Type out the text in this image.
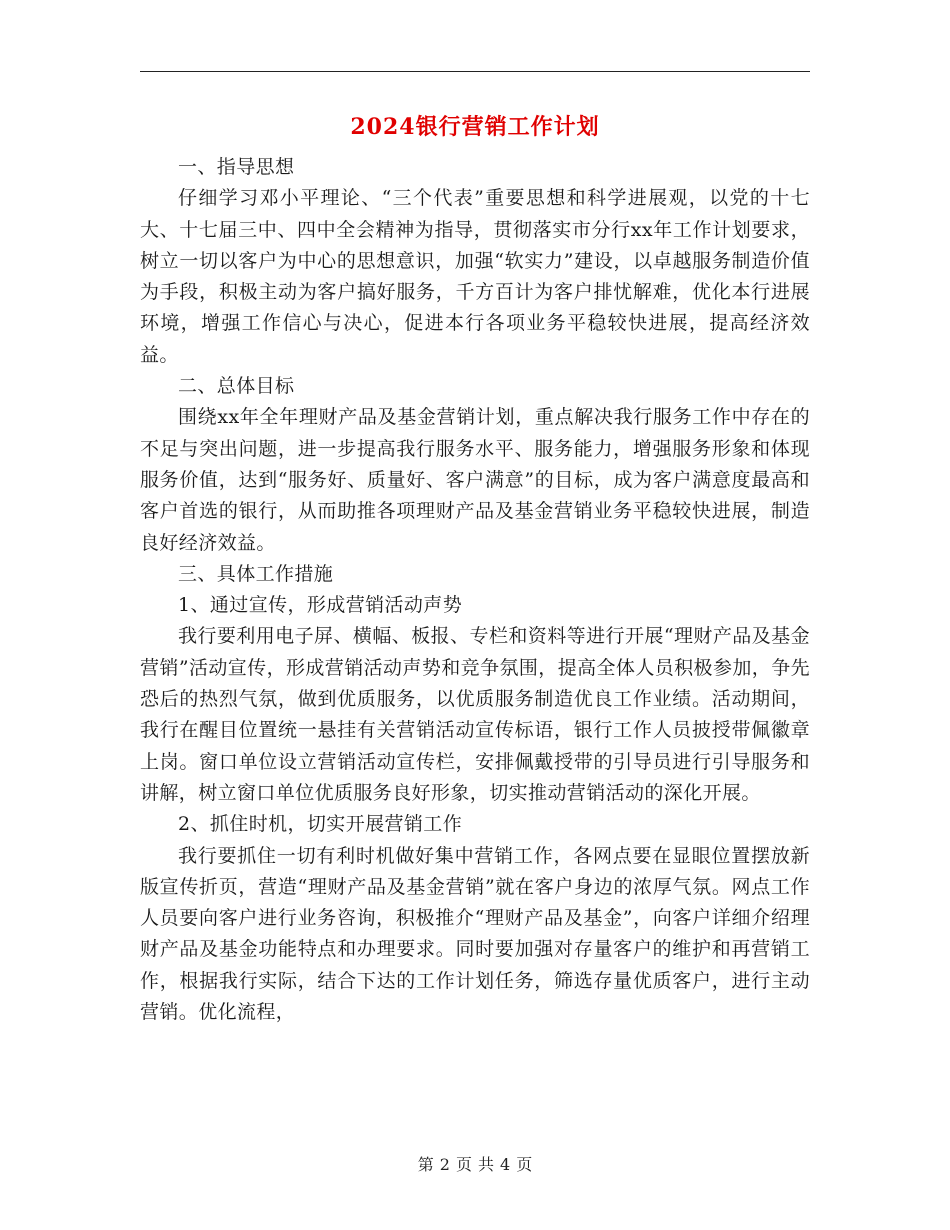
2024银行营销工作计划

一、指导思想

仔细学习邓小平理论、“三个代表”重要思想和科学进展观，以党的十七大、十七届三中、四中全会精神为指导，贯彻落实市分行xx年工作计划要求，树立一切以客户为中心的思想意识，加强“软实力”建设，以卓越服务制造价值为手段，积极主动为客户搞好服务，千方百计为客户排忧解难，优化本行进展环境，增强工作信心与决心，促进本行各项业务平稳较快进展，提高经济效益。

二、总体目标

围绕xx年全年理财产品及基金营销计划，重点解决我行服务工作中存在的不足与突出问题，进一步提高我行服务水平、服务能力，增强服务形象和体现服务价值，达到“服务好、质量好、客户满意”的目标，成为客户满意度最高和客户首选的银行，从而助推各项理财产品及基金营销业务平稳较快进展，制造良好经济效益。

三、具体工作措施

1、通过宣传，形成营销活动声势

我行要利用电子屏、横幅、板报、专栏和资料等进行开展“理财产品及基金营销”活动宣传，形成营销活动声势和竞争氛围，提高全体人员积极参加，争先恐后的热烈气氛，做到优质服务，以优质服务制造优良工作业绩。活动期间，我行在醒目位置统一悬挂有关营销活动宣传标语，银行工作人员披授带佩徽章上岗。窗口单位设立营销活动宣传栏，安排佩戴授带的引导员进行引导服务和讲解，树立窗口单位优质服务良好形象，切实推动营销活动的深化开展。

2、抓住时机，切实开展营销工作

我行要抓住一切有利时机做好集中营销工作，各网点要在显眼位置摆放新版宣传折页，营造“理财产品及基金营销”就在客户身边的浓厚气氛。网点工作人员要向客户进行业务咨询，积极推介“理财产品及基金”，向客户详细介绍理财产品及基金功能特点和办理要求。同时要加强对存量客户的维护和再营销工作，根据我行实际，结合下达的工作计划任务，筛选存量优质客户，进行主动营销。优化流程，

第 2 页 共 4 页
